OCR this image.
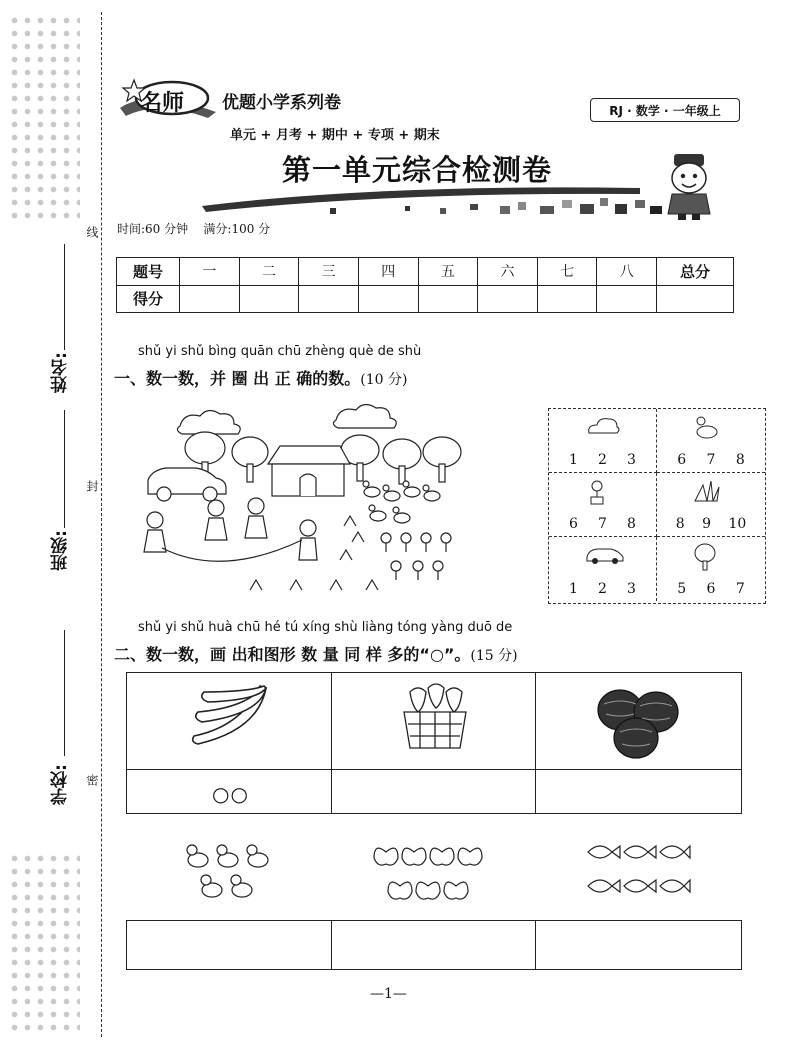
线
姓名:
封
班级:
学校: 密
名师 优题小学系列卷	RJ · 数学 · 一年级上
单元 + 月考 + 期中 + 专项 + 期末
第一单元综合检测卷
时间:60 分钟 满分:100 分
题号	一	二	三	四	五	六	七	八	总分
得分									
shǔ yi shǔ bìng quān chū zhèng què de shù
一、数一数，并 圈 出 正 确的数。(10 分)
1 2 3	6 7 8
6 7 8	8 9 10
1 2 3	5 6 7
shǔ yi shǔ huà chū hé tú xíng shù liàng tóng yàng duō de
二、数一数，画 出和图形 数 量 同 样 多的“○”。(15 分)
○○
—1—
